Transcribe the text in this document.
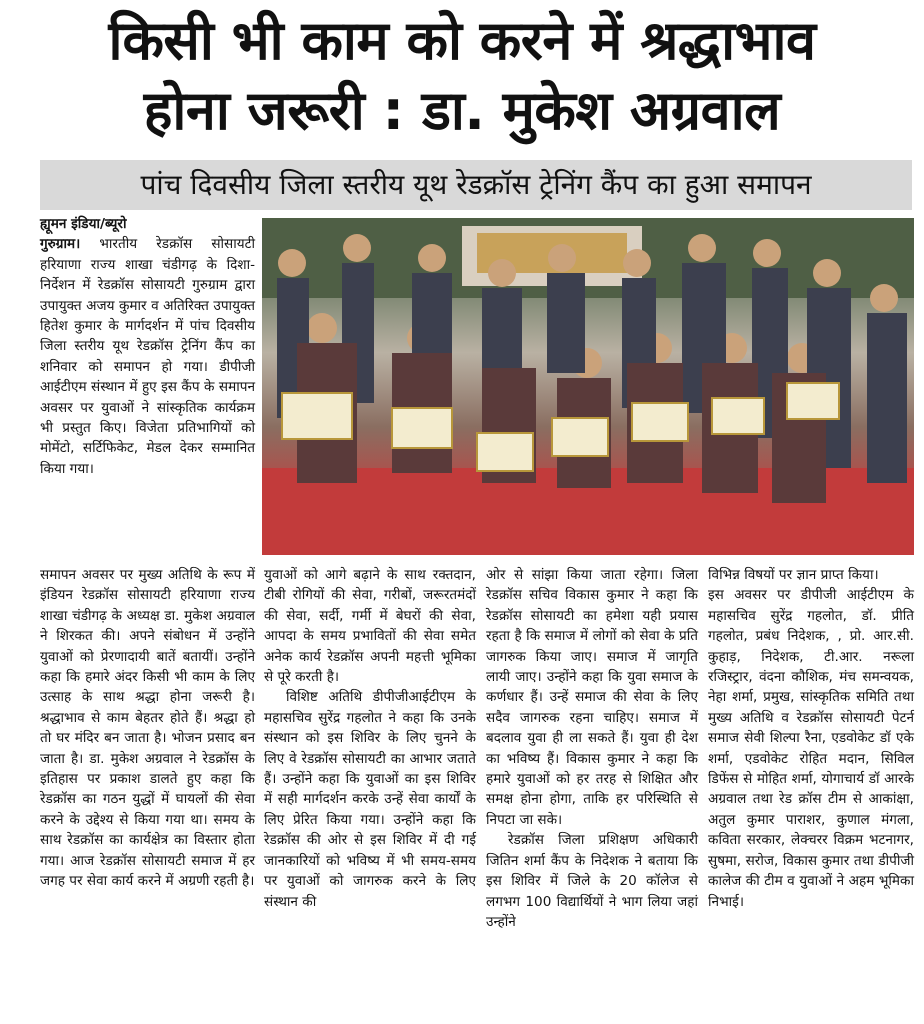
किसी भी काम को करने में श्रद्धाभाव
होना जरूरी : डा. मुकेश अग्रवाल
पांच दिवसीय जिला स्तरीय यूथ रेडक्रॉस ट्रेनिंग कैंप का हुआ समापन

ह्यूमन इंडिया/ब्यूरो

गुरुग्राम। भारतीय रेडक्रॉस सोसायटी हरियाणा राज्य शाखा चंडीगढ़ के दिशा-निर्देशन में रेडक्रॉस सोसायटी गुरुग्राम द्वारा उपायुक्त अजय कुमार व अतिरिक्त उपायुक्त हितेश कुमार के मार्गदर्शन में पांच दिवसीय जिला स्तरीय यूथ रेडक्रॉस ट्रेनिंग कैंप का शनिवार को समापन हो गया। डीपीजी आईटीएम संस्थान में हुए इस कैंप के समापन अवसर पर युवाओं ने सांस्कृतिक कार्यक्रम भी प्रस्तुत किए। विजेता प्रतिभागियों को मोमेंटो, सर्टिफिकेट, मेडल देकर सम्मानित किया गया।

समापन अवसर पर मुख्य अतिथि के रूप में इंडियन रेडक्रॉस सोसायटी हरियाणा राज्य शाखा चंडीगढ़ के अध्यक्ष डा. मुकेश अग्रवाल ने शिरकत की। अपने संबोधन में उन्होंने युवाओं को प्रेरणादायी बातें बतायीं। उन्होंने कहा कि हमारे अंदर किसी भी काम के लिए उत्साह के साथ श्रद्धा होना जरूरी है। श्रद्धाभाव से काम बेहतर होते हैं। श्रद्धा हो तो घर मंदिर बन जाता है। भोजन प्रसाद बन जाता है। डा. मुकेश अग्रवाल ने रेडक्रॉस के इतिहास पर प्रकाश डालते हुए कहा कि रेडक्रॉस का गठन युद्धों में घायलों की सेवा करने के उद्देश्य से किया गया था। समय के साथ रेडक्रॉस का कार्यक्षेत्र का विस्तार होता गया। आज रेडक्रॉस सोसायटी समाज में हर जगह पर सेवा कार्य करने में अग्रणी रहती है।

युवाओं को आगे बढ़ाने के साथ रक्तदान, टीबी रोगियों की सेवा, गरीबों, जरूरतमंदों की सेवा, सर्दी, गर्मी में बेघरों की सेवा, आपदा के समय प्रभावितों की सेवा समेत अनेक कार्य रेडक्रॉस अपनी महत्ती भूमिका से पूरे करती है।

विशिष्ट अतिथि डीपीजीआईटीएम के महासचिव सुरेंद्र गहलोत ने कहा कि उनके संस्थान को इस शिविर के लिए चुनने के लिए वे रेडक्रॉस सोसायटी का आभार जताते हैं। उन्होंने कहा कि युवाओं का इस शिविर में सही मार्गदर्शन करके उन्हें सेवा कार्यों के लिए प्रेरित किया गया। उन्होंने कहा कि रेडक्रॉस की ओर से इस शिविर में दी गई जानकारियों को भविष्य में भी समय-समय पर युवाओं को जागरुक करने के लिए संस्थान की

ओर से सांझा किया जाता रहेगा। जिला रेडक्रॉस सचिव विकास कुमार ने कहा कि रेडक्रॉस सोसायटी का हमेशा यही प्रयास रहता है कि समाज में लोगों को सेवा के प्रति जागरुक किया जाए। समाज में जागृति लायी जाए। उन्होंने कहा कि युवा समाज के कर्णधार हैं। उन्हें समाज की सेवा के लिए सदैव जागरुक रहना चाहिए। समाज में बदलाव युवा ही ला सकते हैं। युवा ही देश का भविष्य हैं। विकास कुमार ने कहा कि हमारे युवाओं को हर तरह से शिक्षित और समक्ष होना होगा, ताकि हर परिस्थिति से निपटा जा सके।

रेडक्रॉस जिला प्रशिक्षण अधिकारी जितिन शर्मा कैंप के निदेशक ने बताया कि इस शिविर में जिले के 20 कॉलेज से लगभग 100 विद्यार्थियों ने भाग लिया जहां उन्होंने

विभिन्न विषयों पर ज्ञान प्राप्त किया।

इस अवसर पर डीपीजी आईटीएम के महासचिव सुरेंद्र गहलोत, डॉ. प्रीति गहलोत, प्रबंध निदेशक, , प्रो. आर.सी. कुहाड़, निदेशक, टी.आर. नरूला रजिस्ट्रार, वंदना कौशिक, मंच समन्वयक, नेहा शर्मा, प्रमुख, सांस्कृतिक समिति तथा मुख्य अतिथि व रेडक्रॉस सोसायटी पेटर्न समाज सेवी शिल्पा रैना, एडवोकेट डॉ एके शर्मा, एडवोकेट रोहित मदान, सिविल डिफेंस से मोहित शर्मा, योगाचार्य डॉ आरके अग्रवाल तथा रेड क्रॉस टीम से आकांक्षा, अतुल कुमार पाराशर, कुणाल मंगला, कविता सरकार, लेक्चरर विक्रम भटनागर, सुषमा, सरोज, विकास कुमार तथा डीपीजी कालेज की टीम व युवाओं ने अहम भूमिका निभाई।
